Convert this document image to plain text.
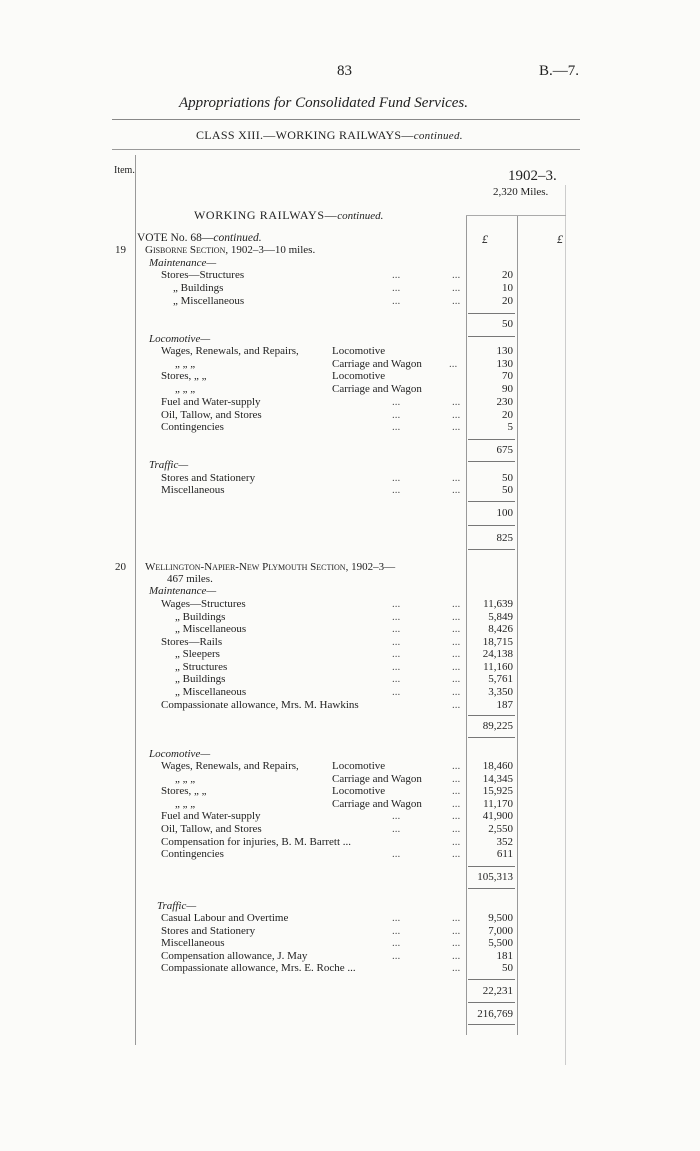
83	B.—7.
Appropriations for Consolidated Fund Services.
CLASS XIII.—WORKING RAILWAYS—continued.
Item.	1902–3.
2,320 Miles.
WORKING RAILWAYS—continued.
£	£
VOTE No. 68—continued.
19 Gisborne Section, 1902–3—10 miles.
Maintenance—
Stores—Structures	...	...	20
„ Buildings	...	...	10
„ Miscellaneous	...	...	20
50
Locomotive—
Wages, Renewals, and Repairs,	Locomotive	130
„ „ „	Carriage and Wagon ...	130
Stores, „ „	Locomotive	70
„ „ „	Carriage and Wagon	90
Fuel and Water-supply	...	...	230
Oil, Tallow, and Stores	...	...	20
Contingencies	...	...	5
675
Traffic—
Stores and Stationery	...	...	50
Miscellaneous	...	...	50
100
825
20 Wellington-Napier-New Plymouth Section, 1902–3—
467 miles.
Maintenance—
Wages—Structures	...	...	11,639
„ Buildings	...	...	5,849
„ Miscellaneous	...	...	8,426
Stores—Rails	...	...	18,715
„ Sleepers	...	...	24,138
„ Structures	...	...	11,160
„ Buildings	...	...	5,761
„ Miscellaneous	...	...	3,350
Compassionate allowance, Mrs. M. Hawkins	...	187
89,225
Locomotive—
Wages, Renewals, and Repairs,	Locomotive	...	18,460
„ „ „	Carriage and Wagon	...	14,345
Stores, „ „	Locomotive	...	15,925
„ „ „	Carriage and Wagon	...	11,170
Fuel and Water-supply	...	...	41,900
Oil, Tallow, and Stores	...	...	2,550
Compensation for injuries, B. M. Barrett ...	...	352
Contingencies	...	...	611
105,313
Traffic—
Casual Labour and Overtime	...	...	9,500
Stores and Stationery	...	...	7,000
Miscellaneous	...	...	5,500
Compensation allowance, J. May	...	...	181
Compassionate allowance, Mrs. E. Roche ...	...	50
22,231
216,769
